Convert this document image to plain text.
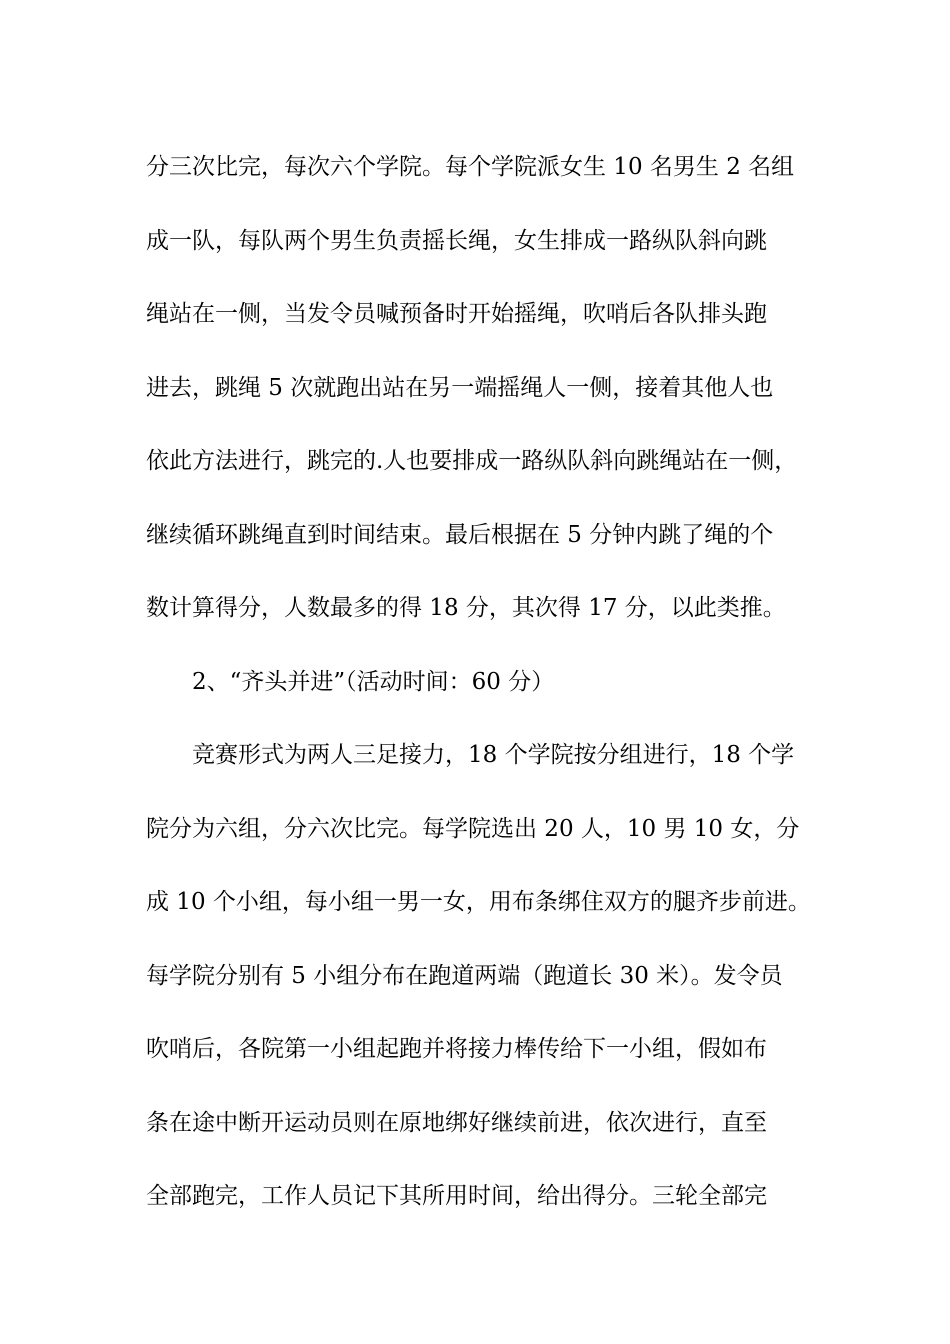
分三次比完，每次六个学院。每个学院派女生 10 名男生 2 名组
成一队，每队两个男生负责摇长绳，女生排成一路纵队斜向跳
绳站在一侧，当发令员喊预备时开始摇绳，吹哨后各队排头跑
进去，跳绳 5 次就跑出站在另一端摇绳人一侧，接着其他人也
依此方法进行，跳完的.人也要排成一路纵队斜向跳绳站在一侧，
继续循环跳绳直到时间结束。最后根据在 5 分钟内跳了绳的个
数计算得分，人数最多的得 18 分，其次得 17 分，以此类推。
2、“齐头并进”（活动时间：60 分）
竞赛形式为两人三足接力，18 个学院按分组进行，18 个学
院分为六组，分六次比完。每学院选出 20 人，10 男 10 女，分
成 10 个小组，每小组一男一女，用布条绑住双方的腿齐步前进。
每学院分别有 5 小组分布在跑道两端（跑道长 30 米）。发令员
吹哨后，各院第一小组起跑并将接力棒传给下一小组，假如布
条在途中断开运动员则在原地绑好继续前进，依次进行，直至
全部跑完，工作人员记下其所用时间，给出得分。三轮全部完
